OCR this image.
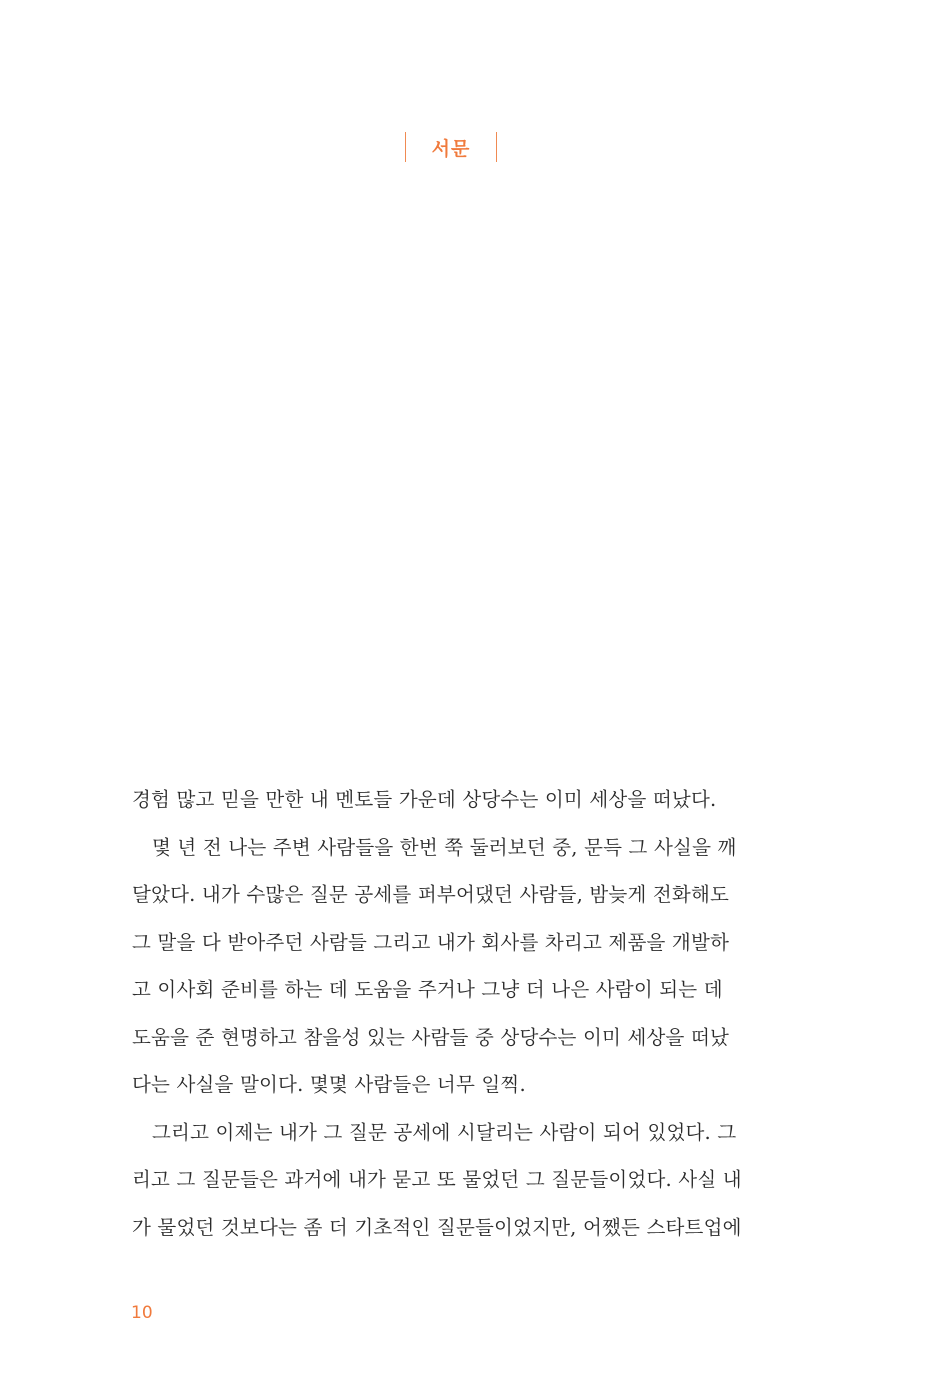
서문
경험 많고 믿을 만한 내 멘토들 가운데 상당수는 이미 세상을 떠났다.
몇 년 전 나는 주변 사람들을 한번 쭉 둘러보던 중, 문득 그 사실을 깨
달았다. 내가 수많은 질문 공세를 퍼부어댔던 사람들, 밤늦게 전화해도
그 말을 다 받아주던 사람들 그리고 내가 회사를 차리고 제품을 개발하
고 이사회 준비를 하는 데 도움을 주거나 그냥 더 나은 사람이 되는 데
도움을 준 현명하고 참을성 있는 사람들 중 상당수는 이미 세상을 떠났
다는 사실을 말이다. 몇몇 사람들은 너무 일찍.
그리고 이제는 내가 그 질문 공세에 시달리는 사람이 되어 있었다. 그
리고 그 질문들은 과거에 내가 묻고 또 물었던 그 질문들이었다. 사실 내
가 물었던 것보다는 좀 더 기초적인 질문들이었지만, 어쨌든 스타트업에
10
